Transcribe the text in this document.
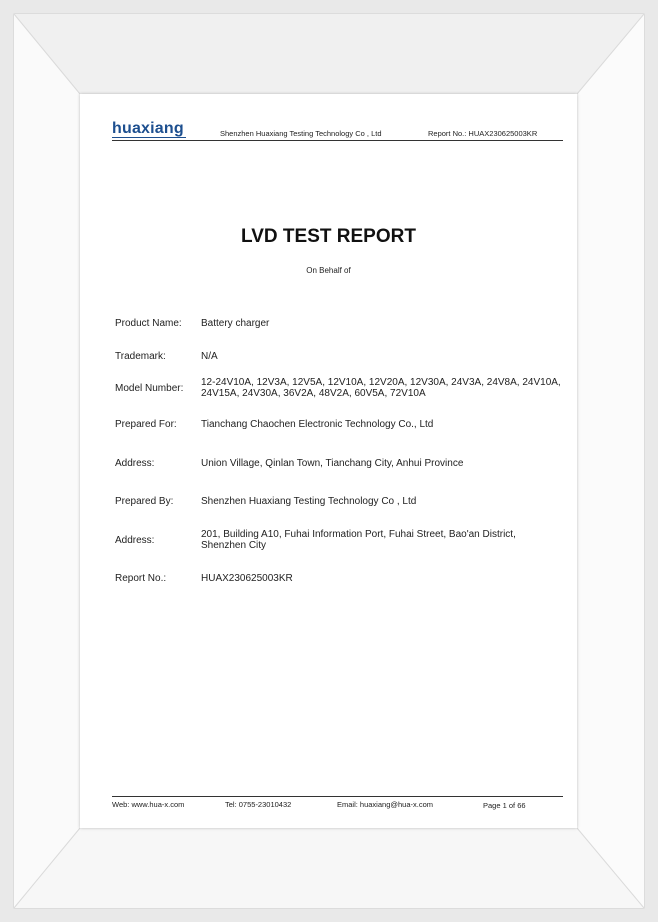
huaxiang	Shenzhen Huaxiang Testing Technology Co , Ltd	Report No.: HUAX230625003KR
LVD TEST REPORT
On Behalf of
Product Name: Battery charger
Trademark:	N/A
Model Number:
12-24V10A, 12V3A, 12V5A, 12V10A, 12V20A, 12V30A, 24V3A, 24V8A, 24V10A, 24V15A, 24V30A, 36V2A, 48V2A, 60V5A, 72V10A
Prepared For: Tianchang Chaochen Electronic Technology Co., Ltd
Address:	Union Village, Qinlan Town, Tianchang City, Anhui Province
Prepared By:	Shenzhen Huaxiang Testing Technology Co , Ltd
Address:
201, Building A10, Fuhai Information Port, Fuhai Street, Bao'an District, Shenzhen City
Report No.:	HUAX230625003KR
Web: www.hua-x.com	Tel: 0755-23010432	Email: huaxiang@hua-x.com	Page 1 of 66
